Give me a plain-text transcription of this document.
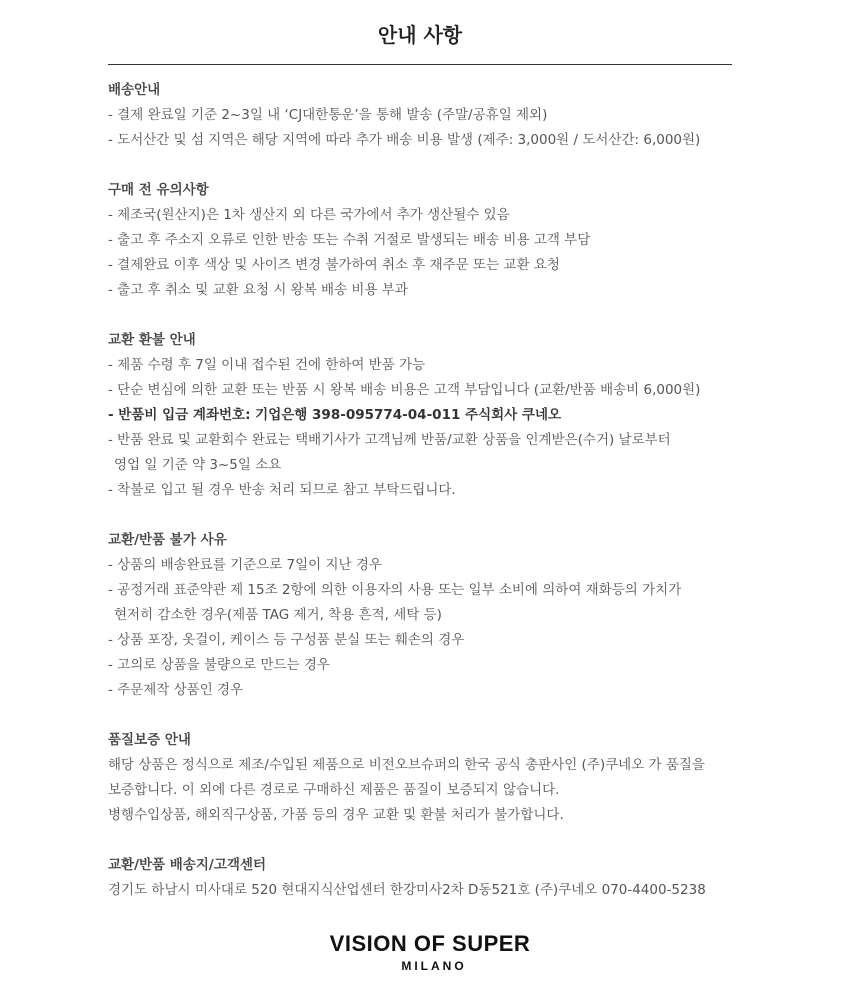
안내 사항
배송안내
- 결제 완료일 기준 2~3일 내 ‘CJ대한통운’을 통해 발송 (주말/공휴일 제외)
- 도서산간 및 섬 지역은 해당 지역에 따라 추가 배송 비용 발생 (제주: 3,000원 / 도서산간: 6,000원)
구매 전 유의사항
- 제조국(원산지)은 1차 생산지 외 다른 국가에서 추가 생산될수 있음
- 출고 후 주소지 오류로 인한 반송 또는 수취 거절로 발생되는 배송 비용 고객 부담
- 결제완료 이후 색상 및 사이즈 변경 불가하여 취소 후 재주문 또는 교환 요청
- 출고 후 취소 및 교환 요청 시 왕복 배송 비용 부과
교환 환불 안내
- 제품 수령 후 7일 이내 접수된 건에 한하여 반품 가능
- 단순 변심에 의한 교환 또는 반품 시 왕복 배송 비용은 고객 부담입니다 (교환/반품 배송비 6,000원)
- 반품비 입금 계좌번호: 기업은행 398-095774-04-011 주식회사 쿠네오
- 반품 완료 및 교환회수 완료는 택배기사가 고객님께 반품/교환 상품을 인계받은(수거) 날로부터
영업 일 기준 약 3~5일 소요
- 착불로 입고 될 경우 반송 처리 되므로 참고 부탁드립니다.
교환/반품 불가 사유
- 상품의 배송완료를 기준으로 7일이 지난 경우
- 공정거래 표준약관 제 15조 2항에 의한 이용자의 사용 또는 일부 소비에 의하여 재화등의 가치가
현저히 감소한 경우(제품 TAG 제거, 착용 흔적, 세탁 등)
- 상품 포장, 옷걸이, 케이스 등 구성품 분실 또는 훼손의 경우
- 고의로 상품을 불량으로 만드는 경우
- 주문제작 상품인 경우
품질보증 안내
해당 상품은 정식으로 제조/수입된 제품으로 비전오브슈퍼의 한국 공식 총판사인 (주)쿠네오 가 품질을
보증합니다. 이 외에 다른 경로로 구매하신 제품은 품질이 보증되지 않습니다.
병행수입상품, 해외직구상품, 가품 등의 경우 교환 및 환불 처리가 불가합니다.
교환/반품 배송지/고객센터
경기도 하남시 미사대로 520 현대지식산업센터 한강미사2차 D동521호 (주)쿠네오 070-4400-5238
VISION OF SUPER
MILANO
